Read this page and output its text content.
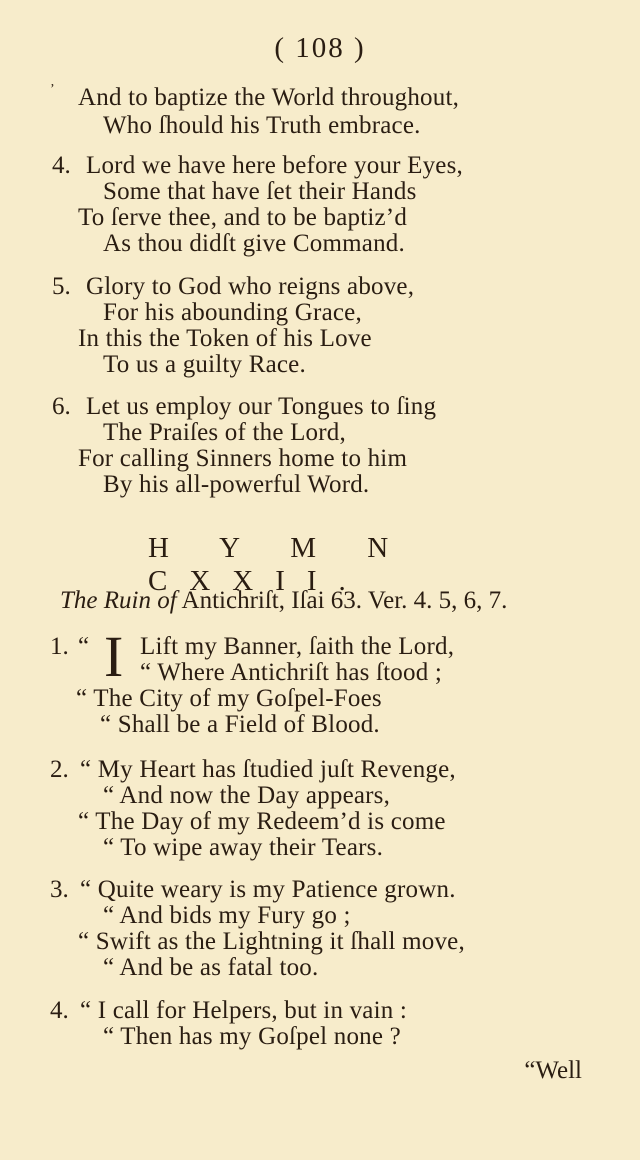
( 108 )
’ And to baptize the World throughout,
Who ſhould his Truth embrace.
4. Lord we have here before your Eyes,
Some that have ſet their Hands
To ſerve thee, and to be baptiz’d
As thou didſt give Command.
5. Glory to God who reigns above,
For his abounding Grace,
In this the Token of his Love
To us a guilty Race.
6. Let us employ our Tongues to ſing
The Praiſes of the Lord,
For calling Sinners home to him
By his all-powerful Word.
H Y M N CXXII.
The Ruin of Antichriſt, Iſai 63. Ver. 4. 5, 6, 7.
1. “ I Lift my Banner, ſaith the Lord,
“ Where Antichriſt has ſtood ;
“ The City of my Goſpel-Foes
“ Shall be a Field of Blood.
2. “ My Heart has ſtudied juſt Revenge,
“ And now the Day appears,
“ The Day of my Redeem’d is come
“ To wipe away their Tears.
3. “ Quite weary is my Patience grown.
“ And bids my Fury go ;
“ Swift as the Lightning it ſhall move,
“ And be as fatal too.
4. “ I call for Helpers, but in vain :
“ Then has my Goſpel none ?
“Well
